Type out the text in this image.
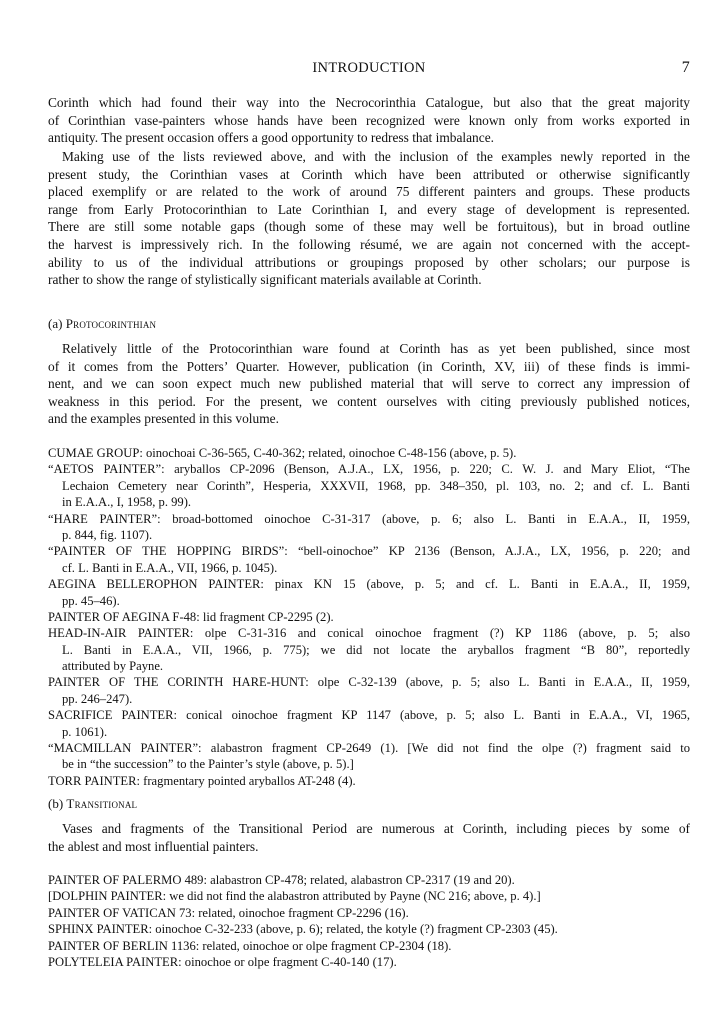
INTRODUCTION	7
Corinth which had found their way into the Necrocorinthia Catalogue, but also that the great majority
of Corinthian vase-painters whose hands have been recognized were known only from works exported in
antiquity. The present occasion offers a good opportunity to redress that imbalance.
Making use of the lists reviewed above, and with the inclusion of the examples newly reported in the
present study, the Corinthian vases at Corinth which have been attributed or otherwise significantly
placed exemplify or are related to the work of around 75 different painters and groups. These products
range from Early Protocorinthian to Late Corinthian I, and every stage of development is represented.
There are still some notable gaps (though some of these may well be fortuitous), but in broad outline
the harvest is impressively rich. In the following résumé, we are again not concerned with the accept-
ability to us of the individual attributions or groupings proposed by other scholars; our purpose is
rather to show the range of stylistically significant materials available at Corinth.
(a) Protocorinthian
Relatively little of the Protocorinthian ware found at Corinth has as yet been published, since most
of it comes from the Potters’ Quarter. However, publication (in Corinth, XV, iii) of these finds is immi-
nent, and we can soon expect much new published material that will serve to correct any impression of
weakness in this period. For the present, we content ourselves with citing previously published notices,
and the examples presented in this volume.
CUMAE GROUP: oinochoai C-36-565, C-40-362; related, oinochoe C-48-156 (above, p. 5).
“AETOS PAINTER”: aryballos CP-2096 (Benson, A.J.A., LX, 1956, p. 220; C. W. J. and Mary Eliot, “The
Lechaion Cemetery near Corinth”, Hesperia, XXXVII, 1968, pp. 348–350, pl. 103, no. 2; and cf. L. Banti
in E.A.A., I, 1958, p. 99).
“HARE PAINTER”: broad-bottomed oinochoe C-31-317 (above, p. 6; also L. Banti in E.A.A., II, 1959,
p. 844, fig. 1107).
“PAINTER OF THE HOPPING BIRDS”: “bell-oinochoe” KP 2136 (Benson, A.J.A., LX, 1956, p. 220; and
cf. L. Banti in E.A.A., VII, 1966, p. 1045).
AEGINA BELLEROPHON PAINTER: pinax KN 15 (above, p. 5; and cf. L. Banti in E.A.A., II, 1959,
pp. 45–46).
PAINTER OF AEGINA F-48: lid fragment CP-2295 (2).
HEAD-IN-AIR PAINTER: olpe C-31-316 and conical oinochoe fragment (?) KP 1186 (above, p. 5; also
L. Banti in E.A.A., VII, 1966, p. 775); we did not locate the aryballos fragment “B 80”, reportedly
attributed by Payne.
PAINTER OF THE CORINTH HARE-HUNT: olpe C-32-139 (above, p. 5; also L. Banti in E.A.A., II, 1959,
pp. 246–247).
SACRIFICE PAINTER: conical oinochoe fragment KP 1147 (above, p. 5; also L. Banti in E.A.A., VI, 1965,
p. 1061).
“MACMILLAN PAINTER”: alabastron fragment CP-2649 (1). [We did not find the olpe (?) fragment said to
be in “the succession” to the Painter’s style (above, p. 5).]
TORR PAINTER: fragmentary pointed aryballos AT-248 (4).
(b) Transitional
Vases and fragments of the Transitional Period are numerous at Corinth, including pieces by some of
the ablest and most influential painters.
PAINTER OF PALERMO 489: alabastron CP-478; related, alabastron CP-2317 (19 and 20).
[DOLPHIN PAINTER: we did not find the alabastron attributed by Payne (NC 216; above, p. 4).]
PAINTER OF VATICAN 73: related, oinochoe fragment CP-2296 (16).
SPHINX PAINTER: oinochoe C-32-233 (above, p. 6); related, the kotyle (?) fragment CP-2303 (45).
PAINTER OF BERLIN 1136: related, oinochoe or olpe fragment CP-2304 (18).
POLYTELEIA PAINTER: oinochoe or olpe fragment C-40-140 (17).
